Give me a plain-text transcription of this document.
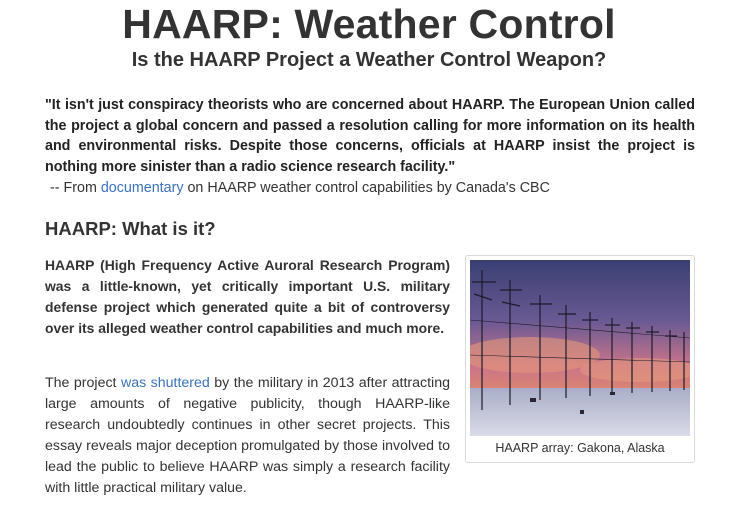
HAARP: Weather Control
Is the HAARP Project a Weather Control Weapon?
"It isn't just conspiracy theorists who are concerned about HAARP. The European Union called the project a global concern and passed a resolution calling for more information on its health and environmental risks. Despite those concerns, officials at HAARP insist the project is nothing more sinister than a radio science research facility."
-- From documentary on HAARP weather control capabilities by Canada's CBC
HAARP: What is it?
HAARP (High Frequency Active Auroral Research Program) was a little-known, yet critically important U.S. military defense project which generated quite a bit of controversy over its alleged weather control capabilities and much more.
The project was shuttered by the military in 2013 after attracting large amounts of negative publicity, though HAARP-like research undoubtedly continues in other secret projects. This essay reveals major deception promulgated by those involved to lead the public to believe HAARP was simply a research facility with little practical military value.
HAARP array: Gakona, Alaska
